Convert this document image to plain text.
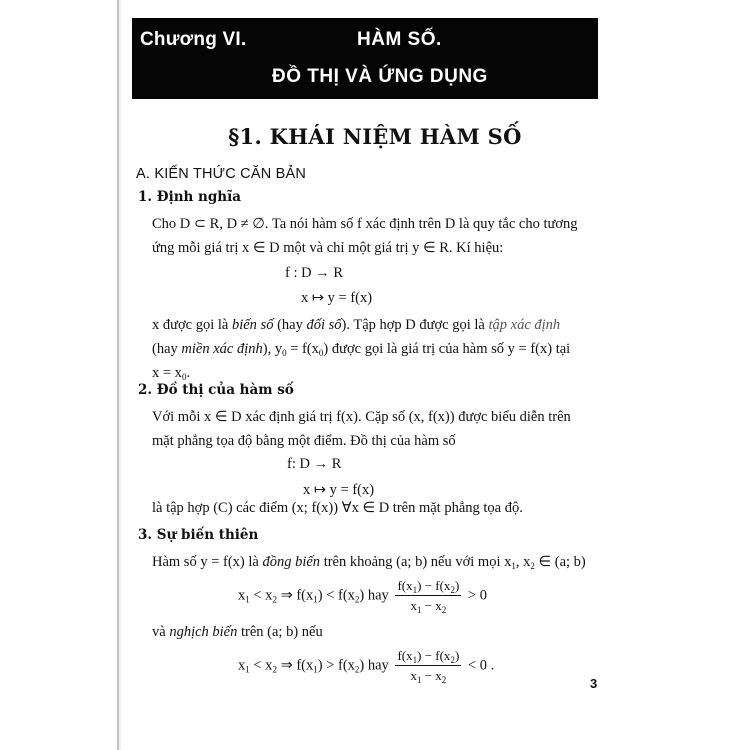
Chương VI.	HÀM SỐ.
ĐỒ THỊ VÀ ỨNG DỤNG
§1. KHÁI NIỆM HÀM SỐ
A. KIẾN THỨC CĂN BẢN
1. Định nghĩa
Cho D ⊂ R, D ≠ ∅. Ta nói hàm số f xác định trên D là quy tắc cho tương
ứng mỗi giá trị x ∈ D một và chỉ một giá trị y ∈ R. Kí hiệu:
f : D → R
x ↦ y = f(x)
x được gọi là biến số (hay đối số). Tập hợp D được gọi là tập xác định
(hay miền xác định), $y_0 = f(x_0)$ được gọi là giá trị của hàm số y = f(x) tại
$x = x_0$.
2. Đồ thị của hàm số
Với mỗi x ∈ D xác định giá trị f(x). Cặp số (x, f(x)) được biểu diễn trên
mặt phẳng tọa độ bằng một điểm. Đồ thị của hàm số
f: D → R
x ↦ y = f(x)
là tập hợp (C) các điểm (x; f(x)) ∀x ∈ D trên mặt phẳng tọa độ.
3. Sự biến thiên
Hàm số y = f(x) là đồng biến trên khoảng (a; b) nếu với mọi $x_1$, $x_2$ ∈ (a; b)
$x_1 < x_2$ ⇒ $f(x_1) < f(x_2)$ hay $\frac{f(x_1) - f(x_2)}{x_1 - x_2} > 0$
và nghịch biến trên (a; b) nếu
$x_1 < x_2$ ⇒ $f(x_1) > f(x_2)$ hay $\frac{f(x_1) - f(x_2)}{x_1 - x_2} < 0$ .
3
